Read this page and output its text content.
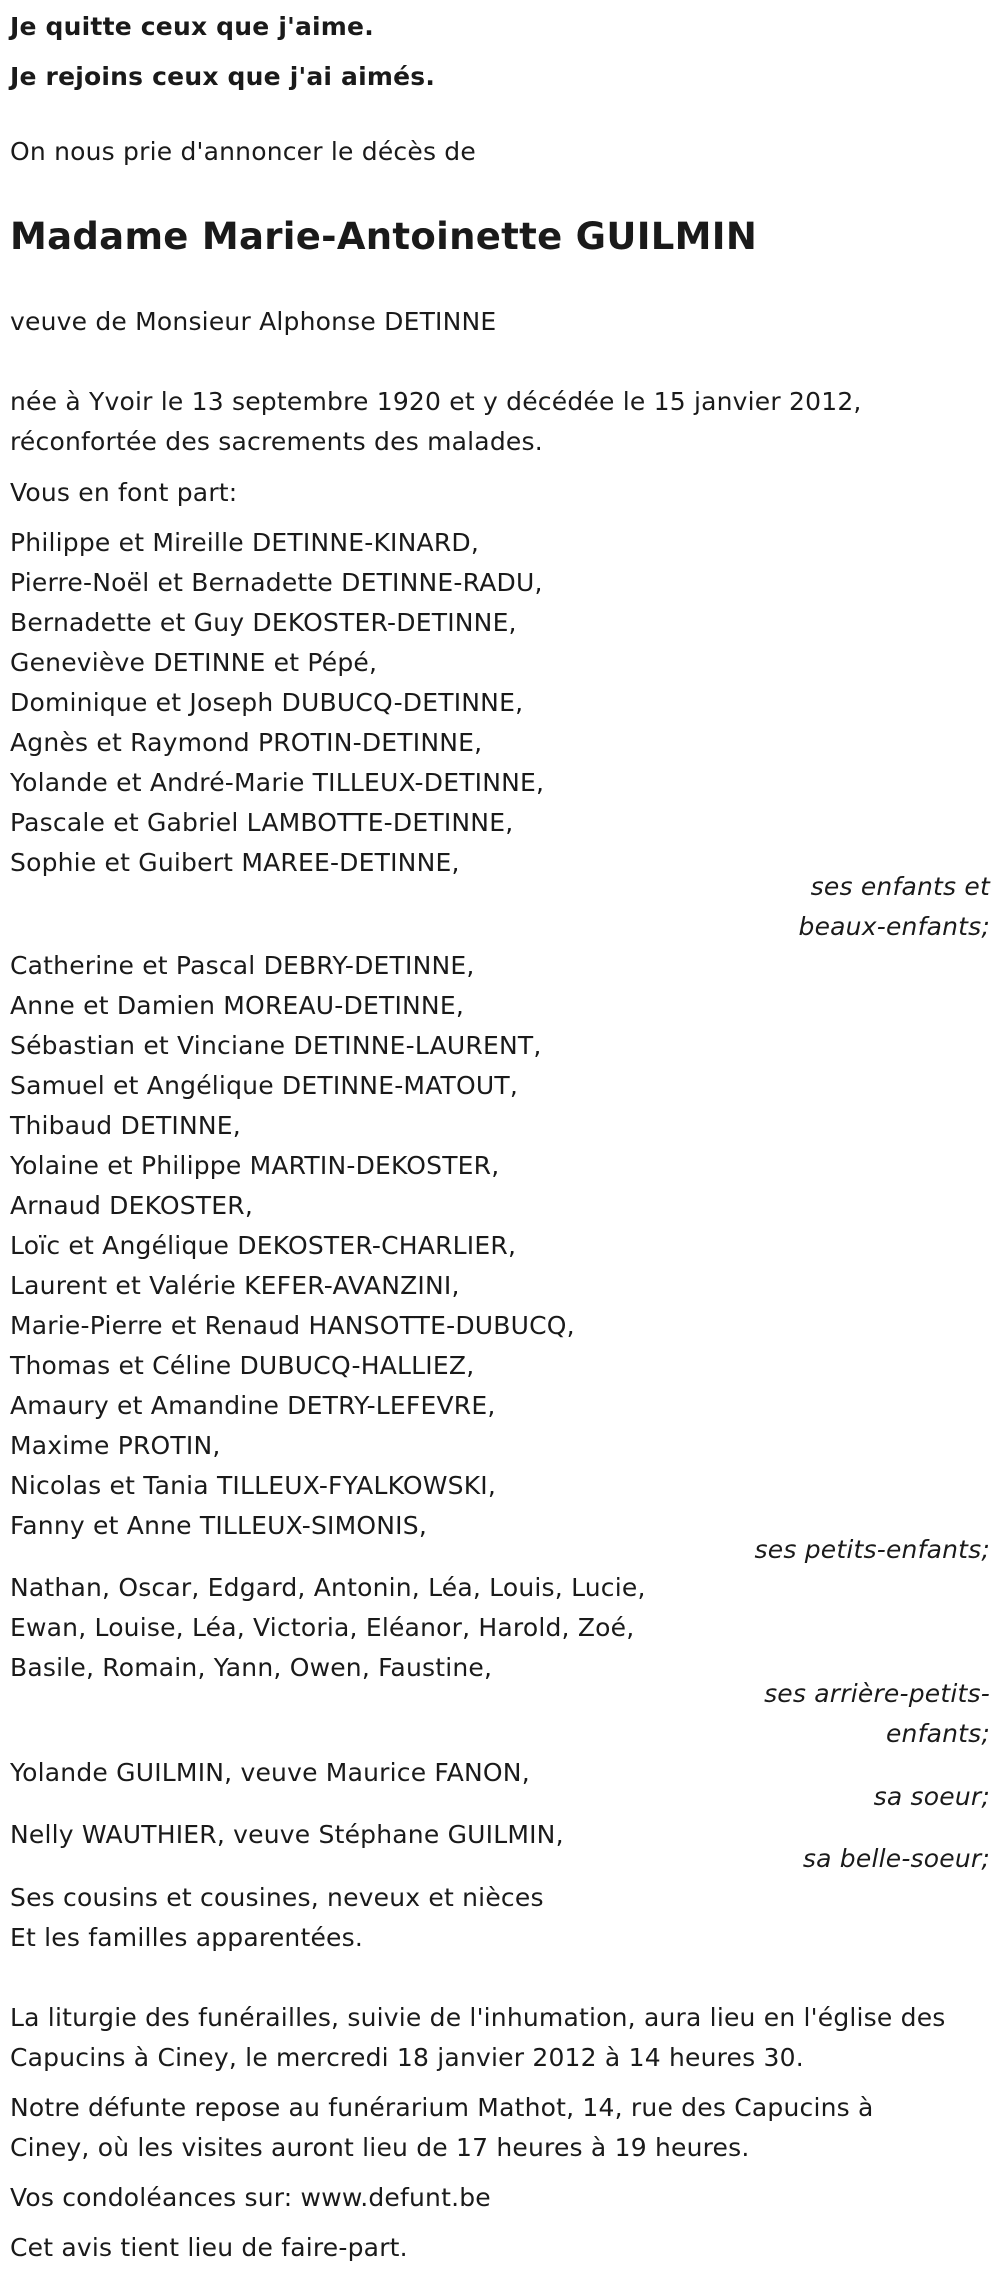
Je quitte ceux que j'aime.
Je rejoins ceux que j'ai aimés.
On nous prie d'annoncer le décès de
Madame Marie-Antoinette GUILMIN
veuve de Monsieur Alphonse DETINNE
née à Yvoir le 13 septembre 1920 et y décédée le 15 janvier 2012,
réconfortée des sacrements des malades.
Vous en font part:
Philippe et Mireille DETINNE-KINARD,
Pierre-Noël et Bernadette DETINNE-RADU,
Bernadette et Guy DEKOSTER-DETINNE,
Geneviève DETINNE et Pépé,
Dominique et Joseph DUBUCQ-DETINNE,
Agnès et Raymond PROTIN-DETINNE,
Yolande et André-Marie TILLEUX-DETINNE,
Pascale et Gabriel LAMBOTTE-DETINNE,
Sophie et Guibert MAREE-DETINNE,
ses enfants et
beaux-enfants;
Catherine et Pascal DEBRY-DETINNE,
Anne et Damien MOREAU-DETINNE,
Sébastian et Vinciane DETINNE-LAURENT,
Samuel et Angélique DETINNE-MATOUT,
Thibaud DETINNE,
Yolaine et Philippe MARTIN-DEKOSTER,
Arnaud DEKOSTER,
Loïc et Angélique DEKOSTER-CHARLIER,
Laurent et Valérie KEFER-AVANZINI,
Marie-Pierre et Renaud HANSOTTE-DUBUCQ,
Thomas et Céline DUBUCQ-HALLIEZ,
Amaury et Amandine DETRY-LEFEVRE,
Maxime PROTIN,
Nicolas et Tania TILLEUX-FYALKOWSKI,
Fanny et Anne TILLEUX-SIMONIS,
ses petits-enfants;
Nathan, Oscar, Edgard, Antonin, Léa, Louis, Lucie,
Ewan, Louise, Léa, Victoria, Eléanor, Harold, Zoé,
Basile, Romain, Yann, Owen, Faustine,
ses arrière-petits-
enfants;
Yolande GUILMIN, veuve Maurice FANON,
sa soeur;
Nelly WAUTHIER, veuve Stéphane GUILMIN,
sa belle-soeur;
Ses cousins et cousines, neveux et nièces
Et les familles apparentées.
La liturgie des funérailles, suivie de l'inhumation, aura lieu en l'église des
Capucins à Ciney, le mercredi 18 janvier 2012 à 14 heures 30.
Notre défunte repose au funérarium Mathot, 14, rue des Capucins à
Ciney, où les visites auront lieu de 17 heures à 19 heures.
Vos condoléances sur: www.defunt.be
Cet avis tient lieu de faire-part.
